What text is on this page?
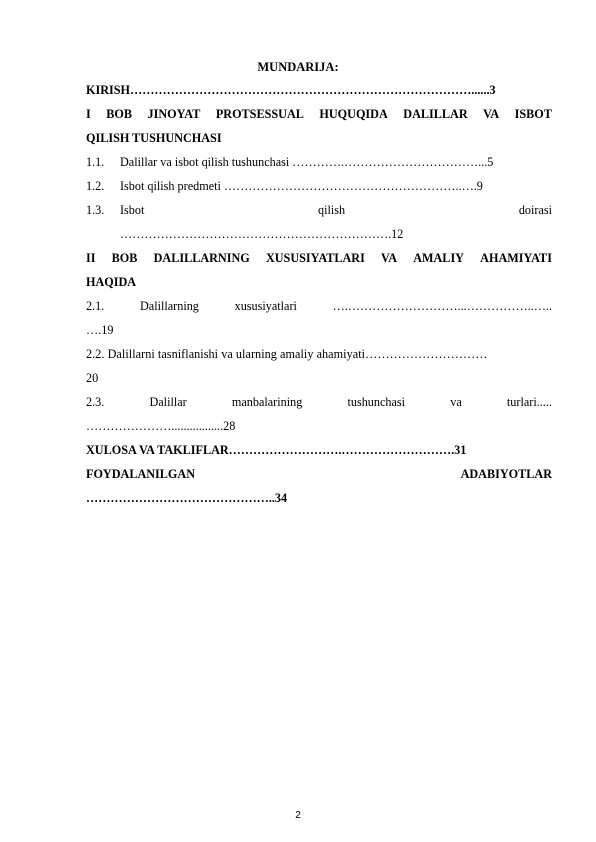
MUNDARIJA:
KIRISH…………………………………………………………………………......3
I BOB JINOYAT PROTSESSUAL HUQUQIDA DALILLAR VA ISBOT
QILISH TUSHUNCHASI
1.1. Dalillar va isbot qilish tushunchasi ………….……………………………...5
1.2. Isbot qilish predmeti …………………………………………………..….9
1.3. Isbot	qilish	doirasi
………………………………………………………….12
II BOB DALILLARNING XUSUSIYATLARI VA AMALIY AHAMIYATI
HAQIDA
2.1.	Dalillarning	xususiyatlari	….………………………...……………..…..
….19
2.2. Dalillarni tasniflanishi va ularning amaliy ahamiyati…………………………
20
2.3.	Dalillar	manbalarining	tushunchasi	va	turlari.....
………………….................28
XULOSA VA TAKLIFLAR……………………….……………………….31
FOYDALANILGAN	ADABIYOTLAR
………………………………………..34
2
